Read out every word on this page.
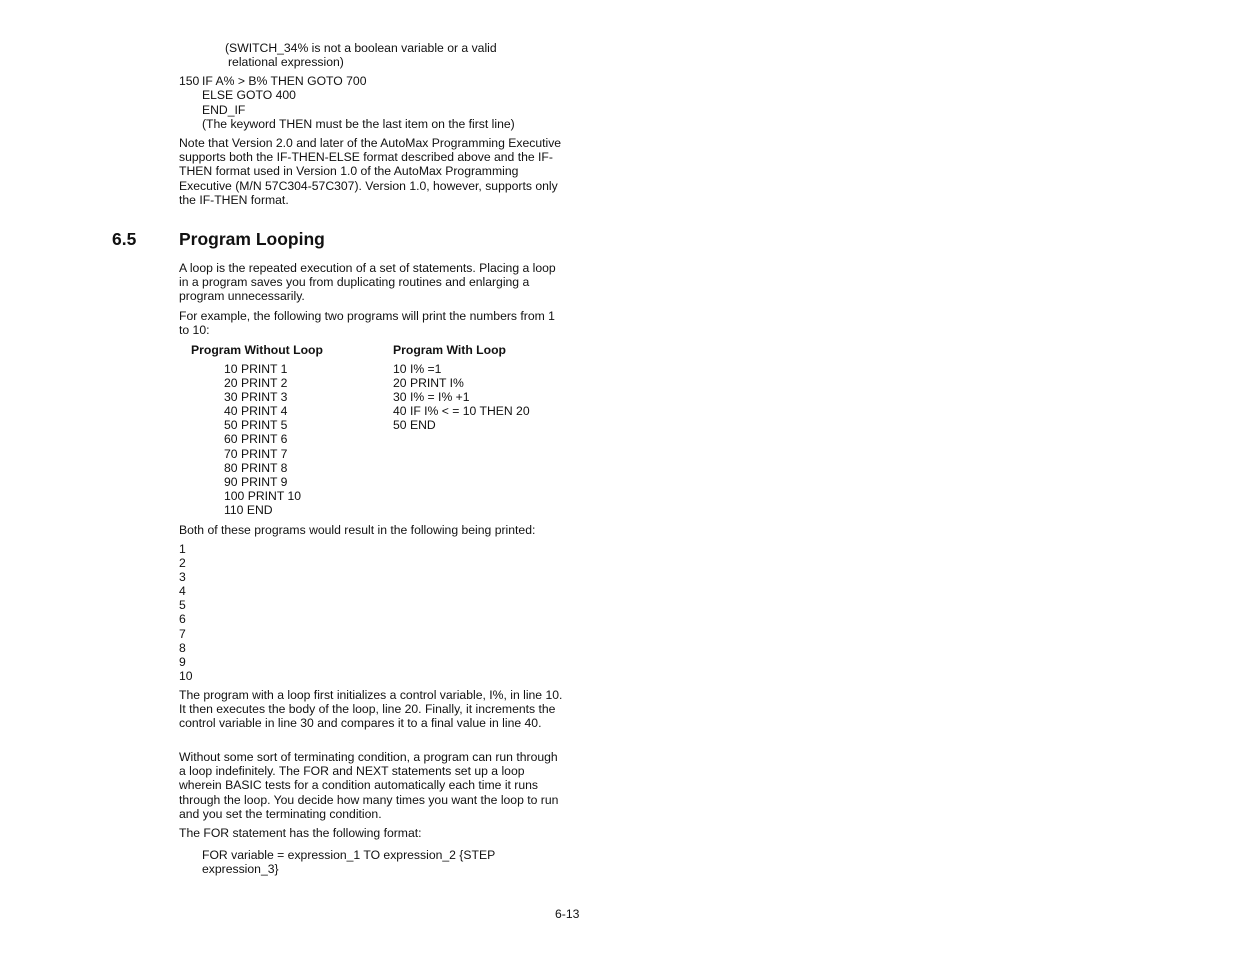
(SWITCH_34% is not a boolean variable or a valid
relational expression)
150 IF A% > B% THEN GOTO 700
ELSE GOTO 400
END_IF
(The keyword THEN must be the last item on the first line)
Note that Version 2.0 and later of the AutoMax Programming Executive supports both the IF-THEN-ELSE format described above and the IF-THEN format used in Version 1.0 of the AutoMax Programming Executive (M/N 57C304-57C307). Version 1.0, however, supports only the IF-THEN format.
6.5 Program Looping
A loop is the repeated execution of a set of statements. Placing a loop in a program saves you from duplicating routines and enlarging a program unnecessarily.
For example, the following two programs will print the numbers from 1 to 10:
Program Without Loop	Program With Loop
10 PRINT 1
20 PRINT 2
30 PRINT 3
40 PRINT 4
50 PRINT 5
60 PRINT 6
70 PRINT 7
80 PRINT 8
90 PRINT 9
100 PRINT 10
110 END
10 I% =1
20 PRINT I%
30 I% = I% +1
40 IF I% < = 10 THEN 20
50 END
Both of these programs would result in the following being printed:
1
2
3
4
5
6
7
8
9
10
The program with a loop first initializes a control variable, I%, in line 10. It then executes the body of the loop, line 20. Finally, it increments the control variable in line 30 and compares it to a final value in line 40.
Without some sort of terminating condition, a program can run through a loop indefinitely. The FOR and NEXT statements set up a loop wherein BASIC tests for a condition automatically each time it runs through the loop. You decide how many times you want the loop to run and you set the terminating condition.
The FOR statement has the following format:
FOR variable = expression_1 TO expression_2 {STEP
expression_3}
6-13
